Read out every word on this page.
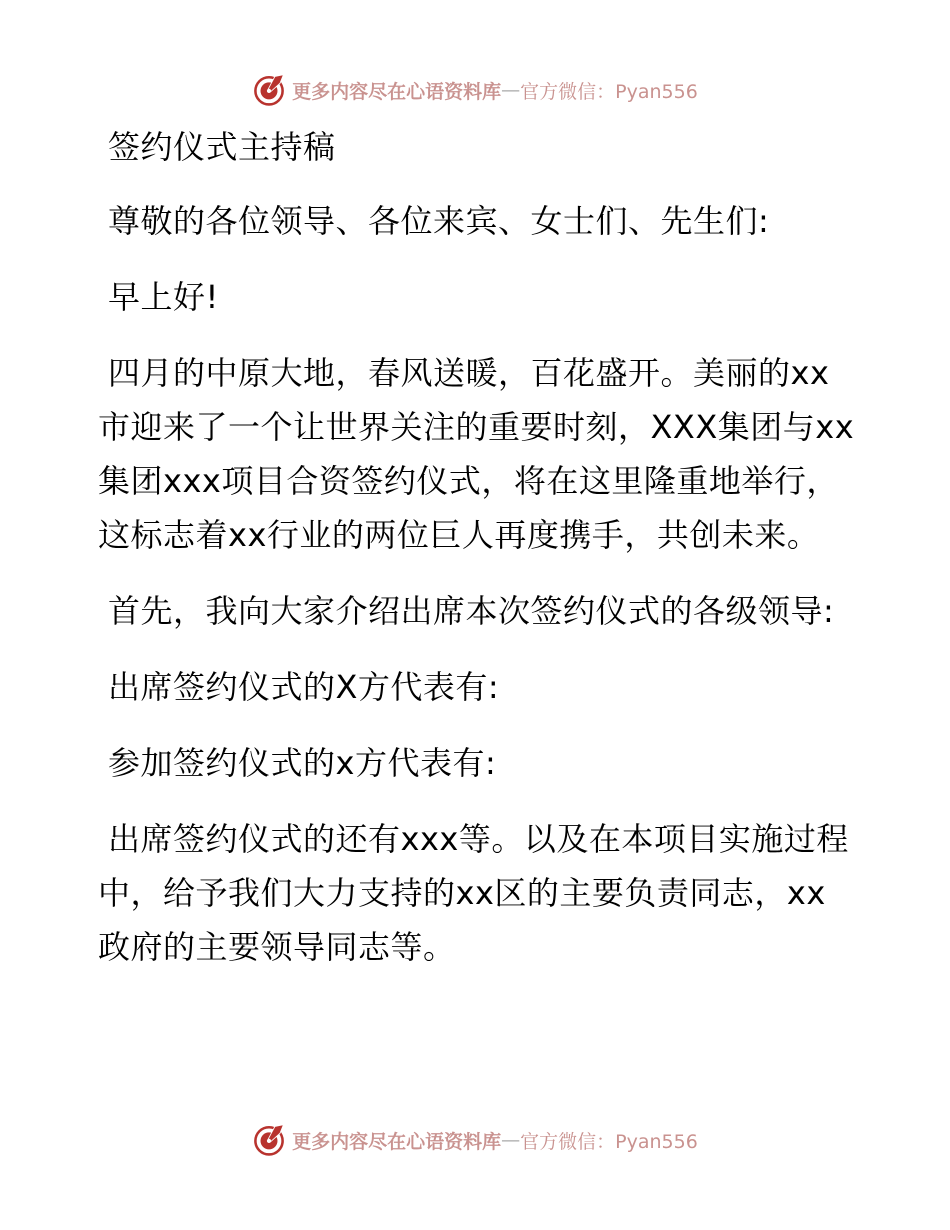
更多内容尽在心语资料库 — 官方微信：Pyan556

签约仪式主持稿

尊敬的各位领导、各位来宾、女士们、先生们:

早上好!

四月的中原大地，春风送暖，百花盛开。美丽的xx市迎来了一个让世界关注的重要时刻，XXX集团与xx集团xxx项目合资签约仪式，将在这里隆重地举行，这标志着xx行业的两位巨人再度携手，共创未来。

首先，我向大家介绍出席本次签约仪式的各级领导:

出席签约仪式的X方代表有:

参加签约仪式的x方代表有:

出席签约仪式的还有xxx等。以及在本项目实施过程中，给予我们大力支持的xx区的主要负责同志，xx政府的主要领导同志等。

更多内容尽在心语资料库 — 官方微信：Pyan556
